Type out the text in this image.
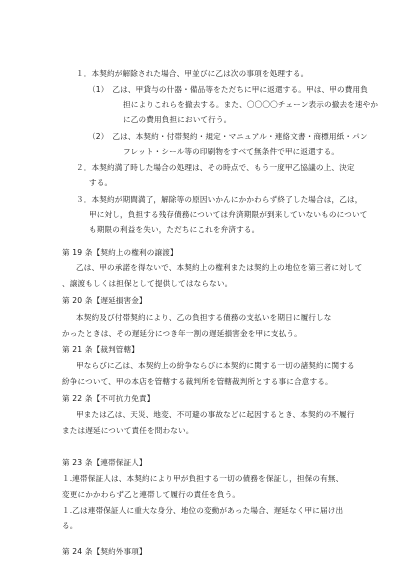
１．本契約が解除された場合、甲並びに乙は次の事項を処理する。
（1）　乙は、甲貸与の什器・備品等をただちに甲に返還する。甲は、甲の費用負
担によりこれらを撤去する。また、〇〇〇〇チェーン表示の撤去を速やか
に乙の費用負担において行う。
（2）　乙は、本契約・付帯契約・規定・マニュアル・連絡文書・商標用紙・パン
フレット・シール等の印刷物をすべて無条件で甲に返還する。
２．本契約満了時した場合の処理は、その時点で、もう一度甲乙協議の上、決定
する。
３．本契約が期間満了，解除等の原因いかんにかかわらず終了した場合は，乙は，
甲に対し，負担する残存債務については弁済期限が到来していないものについて
も期限の利益を失い，ただちにこれを弁済する。
第 19 条【契約上の権利の譲渡】
乙は、甲の承諾を得ないで、本契約上の権利または契約上の地位を第三者に対して
、譲渡もしくは担保として提供してはならない。
第 20 条【遅延損害金】
本契約及び付帯契約により、乙の負担する債務の支払いを期日に履行しな
かったときは、その遅延分につき年一割の遅延損害金を甲に支払う。
第 21 条【裁判管轄】
甲ならびに乙は、本契約上の紛争ならびに本契約に関する一切の諸契約に関する
紛争について、甲の本店を管轄する裁判所を管轄裁判所とする事に合意する。
第 22 条【不可抗力免責】
甲または乙は、天災、地変、不可避の事故などに起因するとき、本契約の不履行
または遅延について責任を問わない。
第 23 条【連帯保証人】
１.連帯保証人は、本契約により甲が負担する一切の債務を保証し，担保の有無、
変更にかかわらず乙と連帯して履行の責任を負う。
１.乙は連帯保証人に重大な身分、地位の変動があった場合、遅延なく甲に届け出
る。
第 24 条【契約外事項】
